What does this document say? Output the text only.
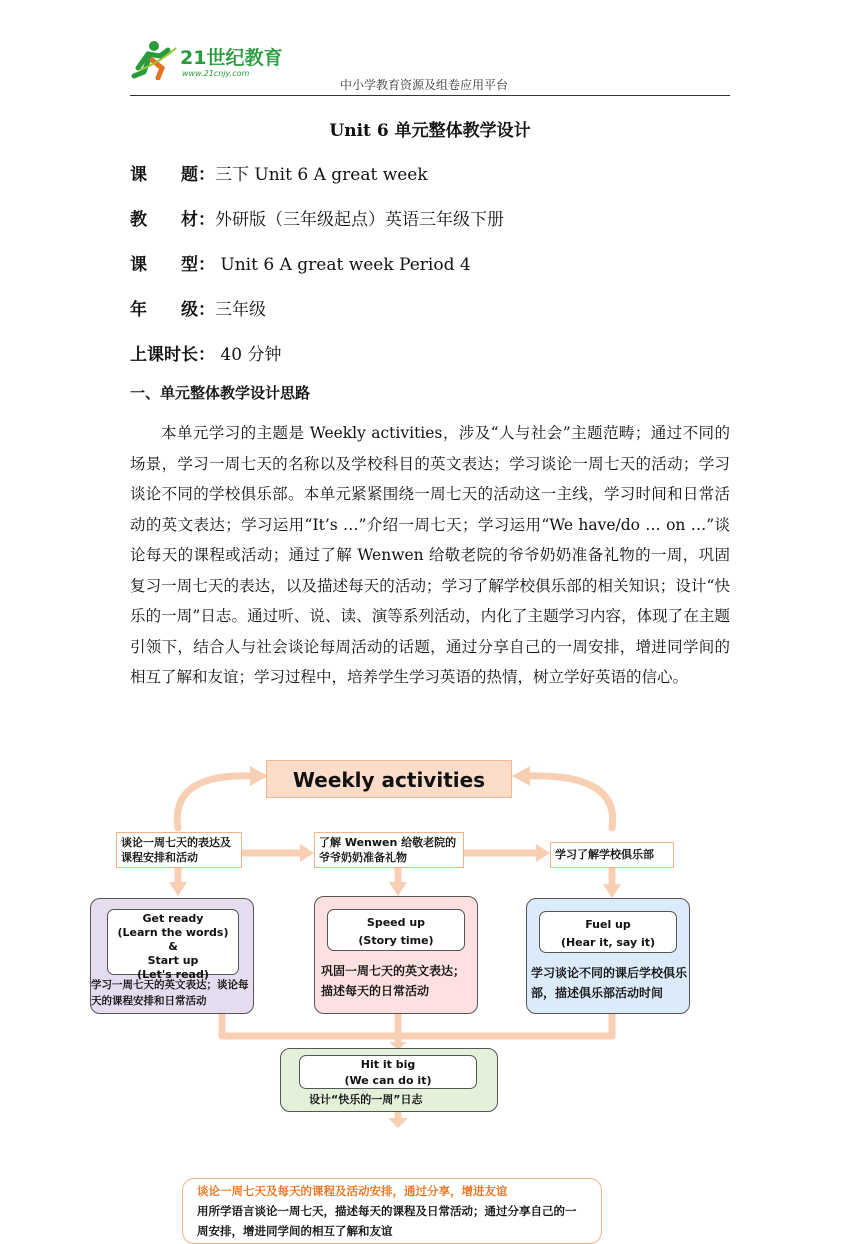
21世纪教育
www.21cnjy.com
中小学教育资源及组卷应用平台
Unit 6 单元整体教学设计
课　　题：三下 Unit 6 A great week
教　　材：外研版（三年级起点）英语三年级下册
课　　型： Unit 6 A great week Period 4
年　　级：三年级
上课时长： 40 分钟
一、单元整体教学设计思路
本单元学习的主题是 Weekly activities，涉及“人与社会”主题范畴；通过不同的场景，学习一周七天的名称以及学校科目的英文表达；学习谈论一周七天的活动；学习谈论不同的学校俱乐部。本单元紧紧围绕一周七天的活动这一主线，学习时间和日常活动的英文表达；学习运用“It’s …”介绍一周七天；学习运用“We have/do … on …”谈论每天的课程或活动；通过了解 Wenwen 给敬老院的爷爷奶奶准备礼物的一周，巩固复习一周七天的表达，以及描述每天的活动；学习了解学校俱乐部的相关知识；设计“快乐的一周”日志。通过听、说、读、演等系列活动，内化了主题学习内容，体现了在主题引领下，结合人与社会谈论每周活动的话题，通过分享自己的一周安排，增进同学间的相互了解和友谊；学习过程中，培养学生学习英语的热情，树立学好英语的信心。
Weekly activities
谈论一周七天的表达及课程安排和活动
了解 Wenwen 给敬老院的爷爷奶奶准备礼物	学习了解学校俱乐部
Get ready
(Learn the words)
&
Start up
(Let's read)
学习一周七天的英文表达；谈论每天的课程安排和日常活动
Speed up
(Story time)
巩固一周七天的英文表达；描述每天的日常活动
Fuel up
(Hear it, say it)
学习谈论不同的课后学校俱乐部，描述俱乐部活动时间
Hit it big
(We can do it)
设计“快乐的一周”日志
谈论一周七天及每天的课程及活动安排，通过分享，增进友谊
用所学语言谈论一周七天，描述每天的课程及日常活动；通过分享自己的一周安排，增进同学间的相互了解和友谊
